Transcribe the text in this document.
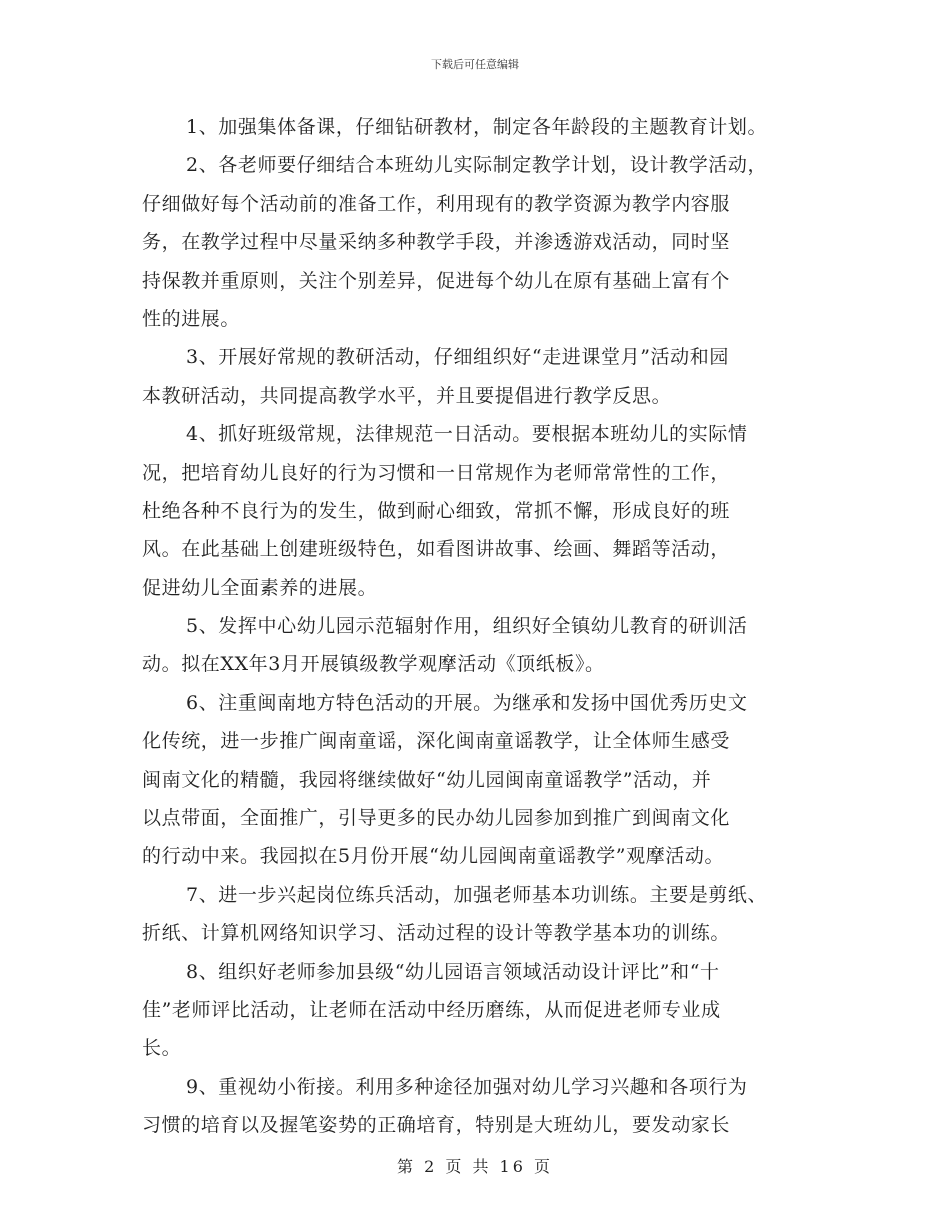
下载后可任意编辑
1、加强集体备课，仔细钻研教材，制定各年龄段的主题教育计划。
2、各老师要仔细结合本班幼儿实际制定教学计划，设计教学活动，
仔细做好每个活动前的准备工作，利用现有的教学资源为教学内容服
务，在教学过程中尽量采纳多种教学手段，并渗透游戏活动，同时坚
持保教并重原则，关注个别差异，促进每个幼儿在原有基础上富有个
性的进展。
3、开展好常规的教研活动，仔细组织好“走进课堂月”活动和园
本教研活动，共同提高教学水平，并且要提倡进行教学反思。
4、抓好班级常规，法律规范一日活动。要根据本班幼儿的实际情
况，把培育幼儿良好的行为习惯和一日常规作为老师常常性的工作，
杜绝各种不良行为的发生，做到耐心细致，常抓不懈，形成良好的班
风。在此基础上创建班级特色，如看图讲故事、绘画、舞蹈等活动，
促进幼儿全面素养的进展。
5、发挥中心幼儿园示范辐射作用，组织好全镇幼儿教育的研训活
动。拟在XX年3月开展镇级教学观摩活动《顶纸板》。
6、注重闽南地方特色活动的开展。为继承和发扬中国优秀历史文
化传统，进一步推广闽南童谣，深化闽南童谣教学，让全体师生感受
闽南文化的精髓，我园将继续做好“幼儿园闽南童谣教学”活动，并
以点带面，全面推广，引导更多的民办幼儿园参加到推广到闽南文化
的行动中来。我园拟在5月份开展“幼儿园闽南童谣教学”观摩活动。
7、进一步兴起岗位练兵活动，加强老师基本功训练。主要是剪纸、
折纸、计算机网络知识学习、活动过程的设计等教学基本功的训练。
8、组织好老师参加县级“幼儿园语言领域活动设计评比”和“十
佳”老师评比活动，让老师在活动中经历磨练，从而促进老师专业成
长。
9、重视幼小衔接。利用多种途径加强对幼儿学习兴趣和各项行为
习惯的培育以及握笔姿势的正确培育，特别是大班幼儿，要发动家长
第 2 页 共 16 页
